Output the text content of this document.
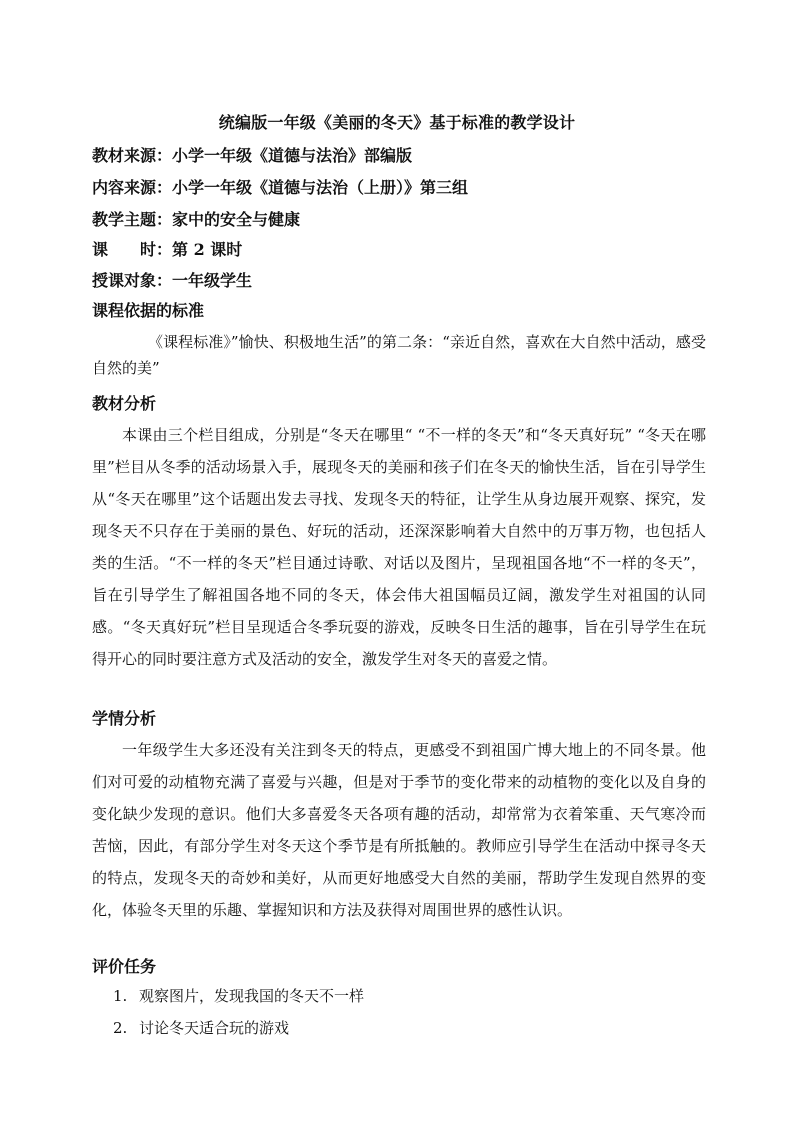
统编版一年级《美丽的冬天》基于标准的教学设计
教材来源：小学一年级《道德与法治》部编版
内容来源：小学一年级《道德与法治（上册）》第三组
教学主题：家中的安全与健康
课 时：第 2 课时
授课对象：一年级学生
课程依据的标准
《课程标准》”愉快、积极地生活”的第二条：“亲近自然，喜欢在大自然中活动，感受自然的美”
教材分析
本课由三个栏目组成，分别是“冬天在哪里“ “不一样的冬天”和“冬天真好玩” “冬天在哪里”栏目从冬季的活动场景入手，展现冬天的美丽和孩子们在冬天的愉快生活，旨在引导学生从“冬天在哪里”这个话题出发去寻找、发现冬天的特征，让学生从身边展开观察、探究，发现冬天不只存在于美丽的景色、好玩的活动，还深深影响着大自然中的万事万物，也包括人类的生活。“不一样的冬天”栏目通过诗歌、对话以及图片，呈现祖国各地“不一样的冬天”，旨在引导学生了解祖国各地不同的冬天，体会伟大祖国幅员辽阔，激发学生对祖国的认同感。“冬天真好玩”栏目呈现适合冬季玩耍的游戏，反映冬日生活的趣事，旨在引导学生在玩得开心的同时要注意方式及活动的安全，激发学生对冬天的喜爱之情。
学情分析
一年级学生大多还没有关注到冬天的特点，更感受不到祖国广博大地上的不同冬景。他们对可爱的动植物充满了喜爱与兴趣，但是对于季节的变化带来的动植物的变化以及自身的变化缺少发现的意识。他们大多喜爱冬天各项有趣的活动，却常常为衣着笨重、天气寒冷而苦恼，因此，有部分学生对冬天这个季节是有所抵触的。教师应引导学生在活动中探寻冬天的特点，发现冬天的奇妙和美好，从而更好地感受大自然的美丽，帮助学生发现自然界的变化，体验冬天里的乐趣、掌握知识和方法及获得对周围世界的感性认识。
评价任务
1. 观察图片，发现我国的冬天不一样
2. 讨论冬天适合玩的游戏
